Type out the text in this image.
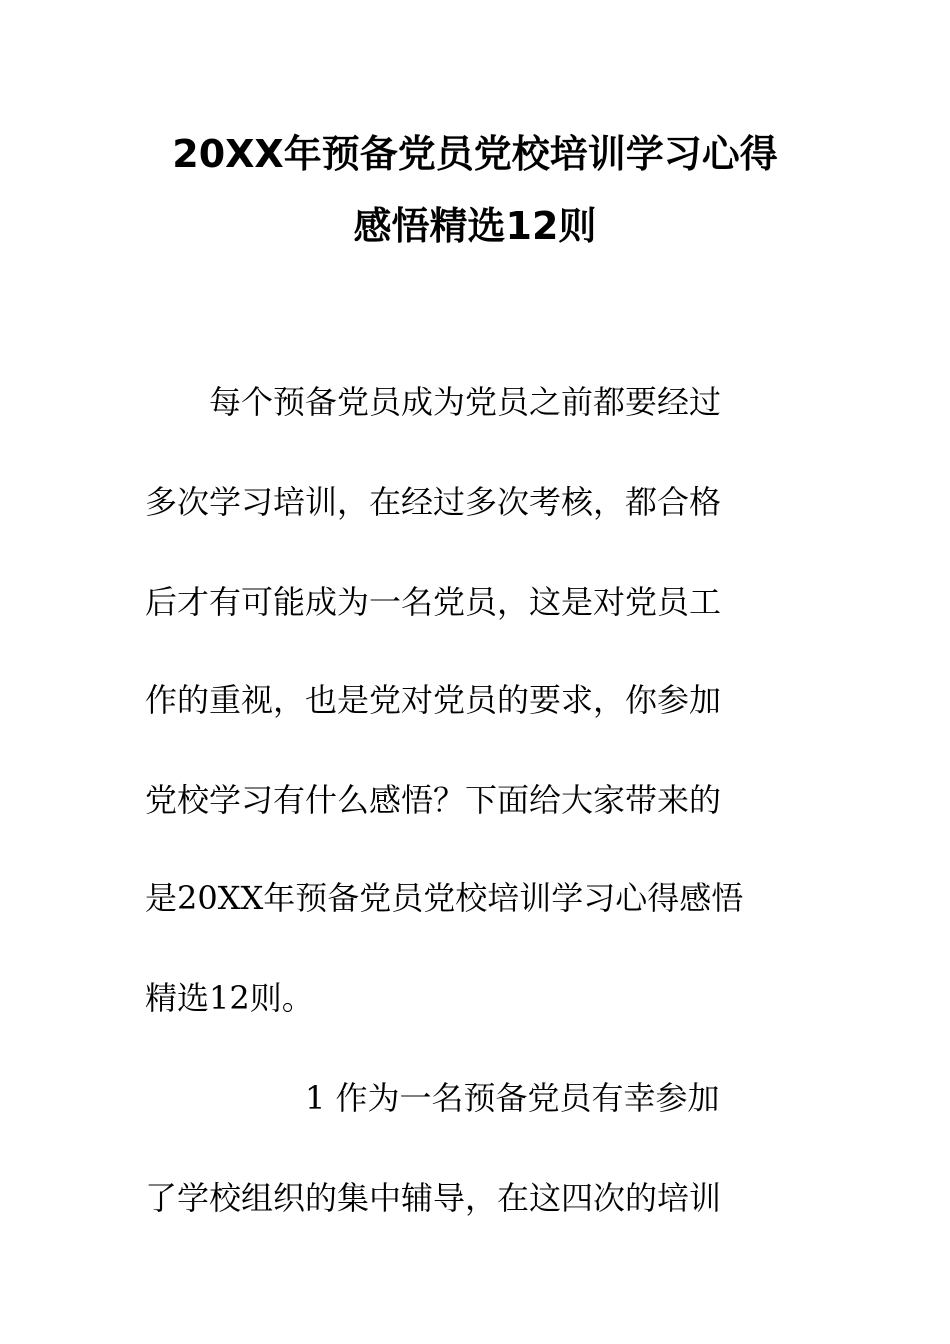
20XX年预备党员党校培训学习心得
感悟精选12则
　　每个预备党员成为党员之前都要经过
多次学习培训，在经过多次考核，都合格
后才有可能成为一名党员，这是对党员工
作的重视，也是党对党员的要求，你参加
党校学习有什么感悟？下面给大家带来的
是20XX年预备党员党校培训学习心得感悟
精选12则。
　　　　　1 作为一名预备党员有幸参加
了学校组织的集中辅导，在这四次的培训
